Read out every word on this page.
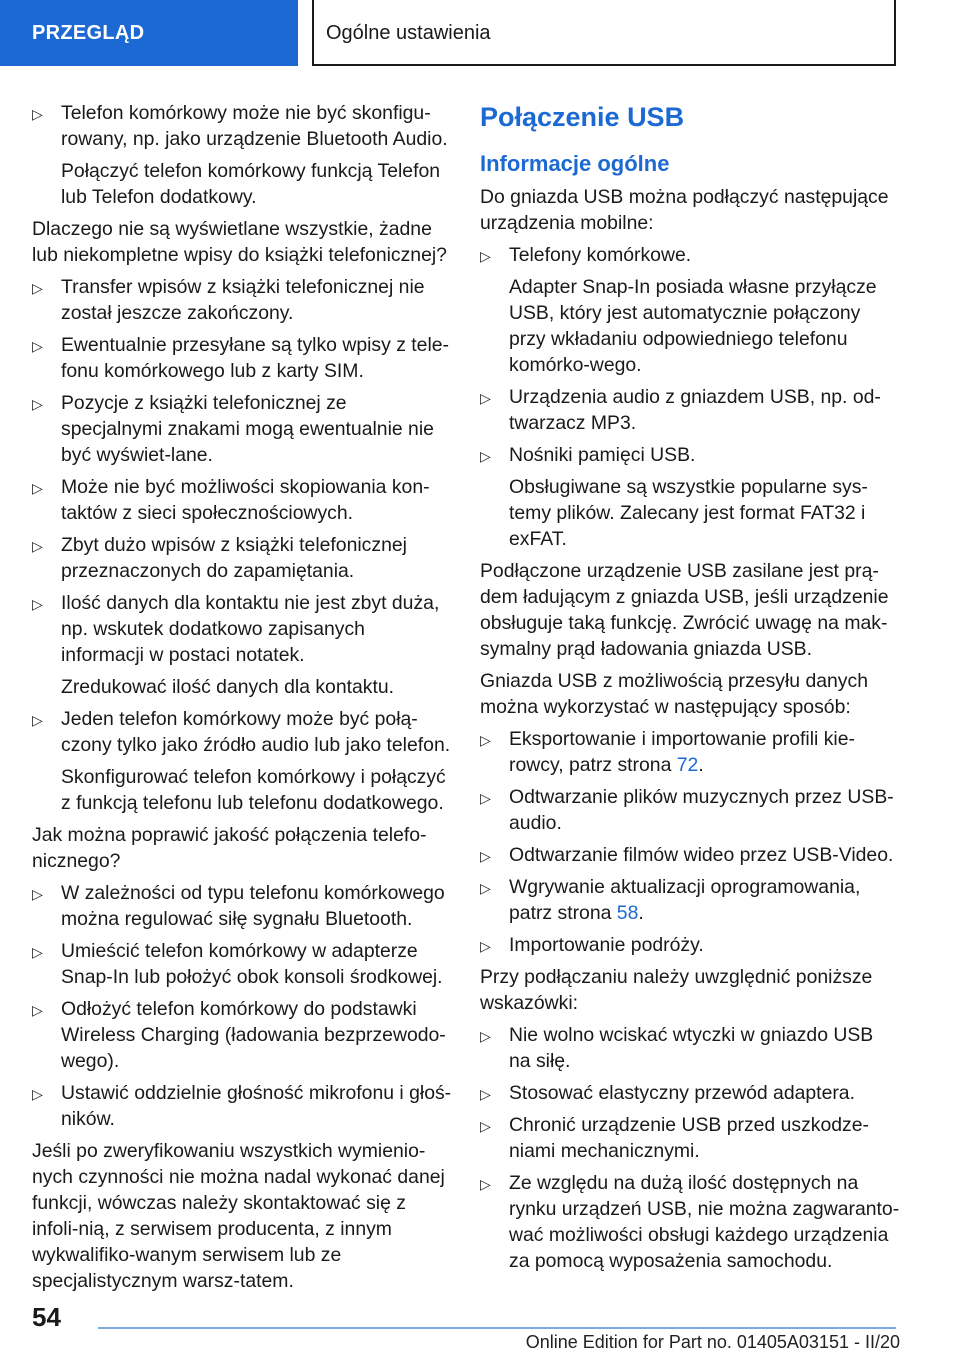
PRZEGLĄD	Ogólne ustawienia
▷ Telefon komórkowy może nie być skonfigu-rowany, np. jako urządzenie Bluetooth Audio.
Połączyć telefon komórkowy funkcją Telefon lub Telefon dodatkowy.
Dlaczego nie są wyświetlane wszystkie, żadne lub niekompletne wpisy do książki telefonicznej?
▷ Transfer wpisów z książki telefonicznej nie został jeszcze zakończony.
▷ Ewentualnie przesyłane są tylko wpisy z tele-fonu komórkowego lub z karty SIM.
▷ Pozycje z książki telefonicznej ze specjalnymi znakami mogą ewentualnie nie być wyświet-lane.
▷ Może nie być możliwości skopiowania kon-taktów z sieci społecznościowych.
▷ Zbyt dużo wpisów z książki telefonicznej przeznaczonych do zapamiętania.
▷ Ilość danych dla kontaktu nie jest zbyt duża, np. wskutek dodatkowo zapisanych informacji w postaci notatek.
Zredukować ilość danych dla kontaktu.
▷ Jeden telefon komórkowy może być połą-czony tylko jako źródło audio lub jako telefon.
Skonfigurować telefon komórkowy i połączyć z funkcją telefonu lub telefonu dodatkowego.
Jak można poprawić jakość połączenia telefo-nicznego?
▷ W zależności od typu telefonu komórkowego można regulować siłę sygnału Bluetooth.
▷ Umieścić telefon komórkowy w adapterze Snap-In lub położyć obok konsoli środkowej.
▷ Odłożyć telefon komórkowy do podstawki Wireless Charging (ładowania bezprzewodo-wego).
▷ Ustawić oddzielnie głośność mikrofonu i głoś-ników.
Jeśli po zweryfikowaniu wszystkich wymienio-nych czynności nie można nadal wykonać danej funkcji, wówczas należy skontaktować się z infoli-nią, z serwisem producenta, z innym wykwalifiko-wanym serwisem lub ze specjalistycznym warsz-tatem.
Połączenie USB
Informacje ogólne
Do gniazda USB można podłączyć następujące urządzenia mobilne:
▷ Telefony komórkowe.
Adapter Snap-In posiada własne przyłącze USB, który jest automatycznie połączony przy wkładaniu odpowiedniego telefonu komórko-wego.
▷ Urządzenia audio z gniazdem USB, np. od-twarzacz MP3.
▷ Nośniki pamięci USB.
Obsługiwane są wszystkie popularne sys-temy plików. Zalecany jest format FAT32 i exFAT.
Podłączone urządzenie USB zasilane jest prą-dem ładującym z gniazda USB, jeśli urządzenie obsługuje taką funkcję. Zwrócić uwagę na mak-symalny prąd ładowania gniazda USB.
Gniazda USB z możliwością przesyłu danych można wykorzystać w następujący sposób:
▷ Eksportowanie i importowanie profili kie-rowcy, patrz strona 72.
▷ Odtwarzanie plików muzycznych przez USB-audio.
▷ Odtwarzanie filmów wideo przez USB-Video.
▷ Wgrywanie aktualizacji oprogramowania, patrz strona 58.
▷ Importowanie podróży.
Przy podłączaniu należy uwzględnić poniższe wskazówki:
▷ Nie wolno wciskać wtyczki w gniazdo USB na siłę.
▷ Stosować elastyczny przewód adaptera.
▷ Chronić urządzenie USB przed uszkodze-niami mechanicznymi.
▷ Ze względu na dużą ilość dostępnych na rynku urządzeń USB, nie można zagwaranto-wać możliwości obsługi każdego urządzenia za pomocą wyposażenia samochodu.
54
Online Edition for Part no. 01405A03151 - II/20
